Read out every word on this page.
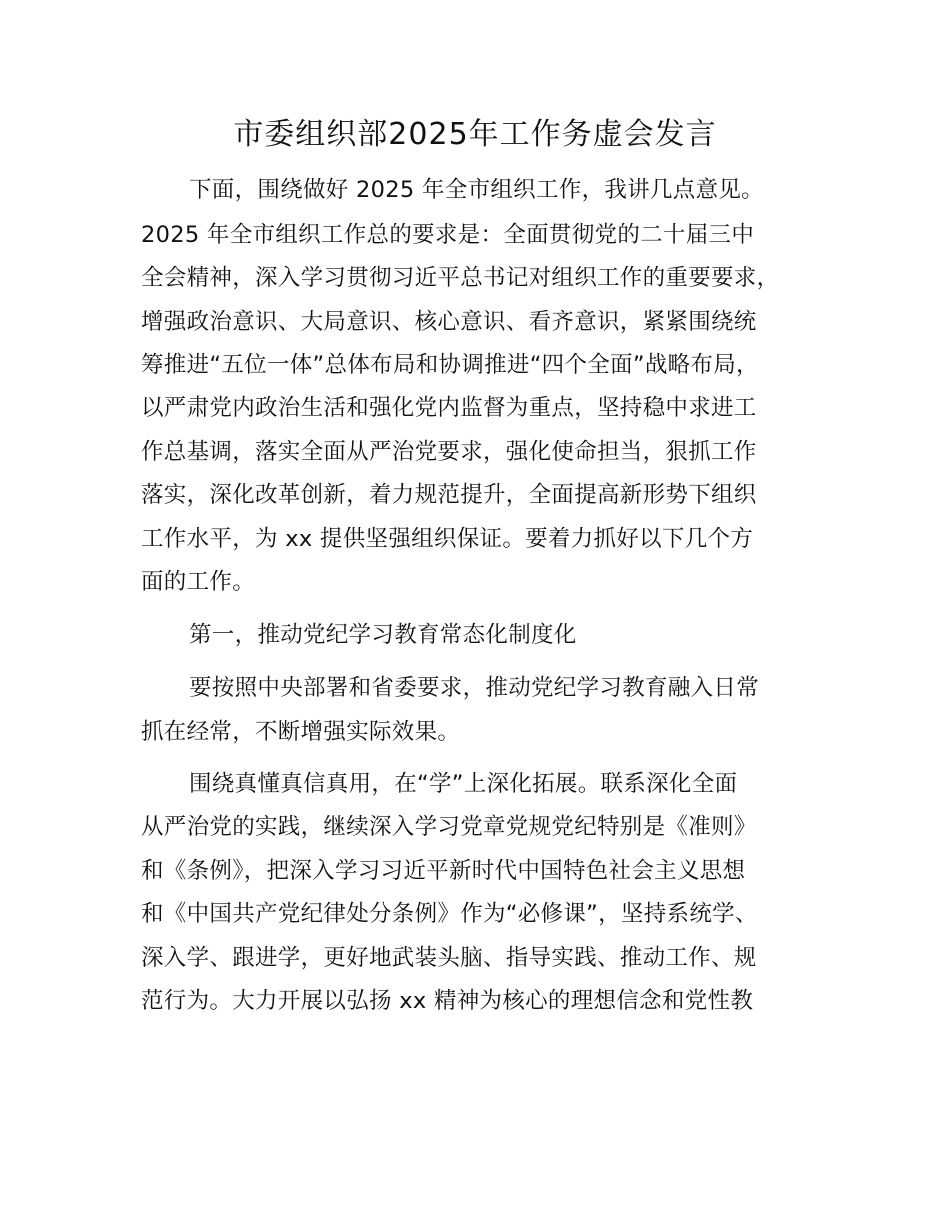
市委组织部2025年工作务虚会发言
下面，围绕做好 2025 年全市组织工作，我讲几点意见。
2025 年全市组织工作总的要求是：全面贯彻党的二十届三中
全会精神，深入学习贯彻习近平总书记对组织工作的重要要求，
增强政治意识、大局意识、核心意识、看齐意识，紧紧围绕统
筹推进“五位一体”总体布局和协调推进“四个全面”战略布局，
以严肃党内政治生活和强化党内监督为重点，坚持稳中求进工
作总基调，落实全面从严治党要求，强化使命担当，狠抓工作
落实，深化改革创新，着力规范提升，全面提高新形势下组织
工作水平，为 xx 提供坚强组织保证。要着力抓好以下几个方
面的工作。
第一，推动党纪学习教育常态化制度化
要按照中央部署和省委要求，推动党纪学习教育融入日常
抓在经常，不断增强实际效果。
围绕真懂真信真用，在“学”上深化拓展。联系深化全面
从严治党的实践，继续深入学习党章党规党纪特别是《准则》
和《条例》，把深入学习习近平新时代中国特色社会主义思想
和《中国共产党纪律处分条例》作为“必修课”，坚持系统学、
深入学、跟进学，更好地武装头脑、指导实践、推动工作、规
范行为。大力开展以弘扬 xx 精神为核心的理想信念和党性教
